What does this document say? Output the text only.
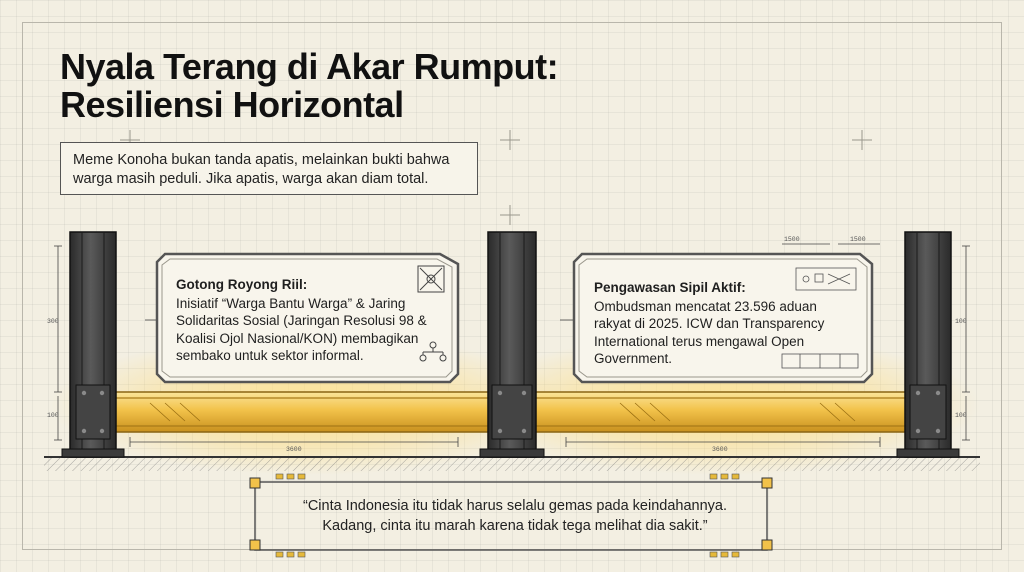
Nyala Terang di Akar Rumput:
Resiliensi Horizontal
Meme Konoha bukan tanda apatis, melainkan bukti bahwa warga masih peduli. Jika apatis, warga akan diam total.
Gotong Royong Riil:
Inisiatif “Warga Bantu Warga” & Jaring Solidaritas Sosial (Jaringan Resolusi 98 & Koalisi Ojol Nasional/KON) membagikan sembako untuk sektor informal.
Pengawasan Sipil Aktif:
Ombudsman mencatat 23.596 aduan rakyat di 2025. ICW dan Transparency International terus mengawal Open Government.
“Cinta Indonesia itu tidak harus selalu gemas pada keindahannya.
Kadang, cinta itu marah karena tidak tega melihat dia sakit.”
3600	3600
300
100
100
100
1500	1500
